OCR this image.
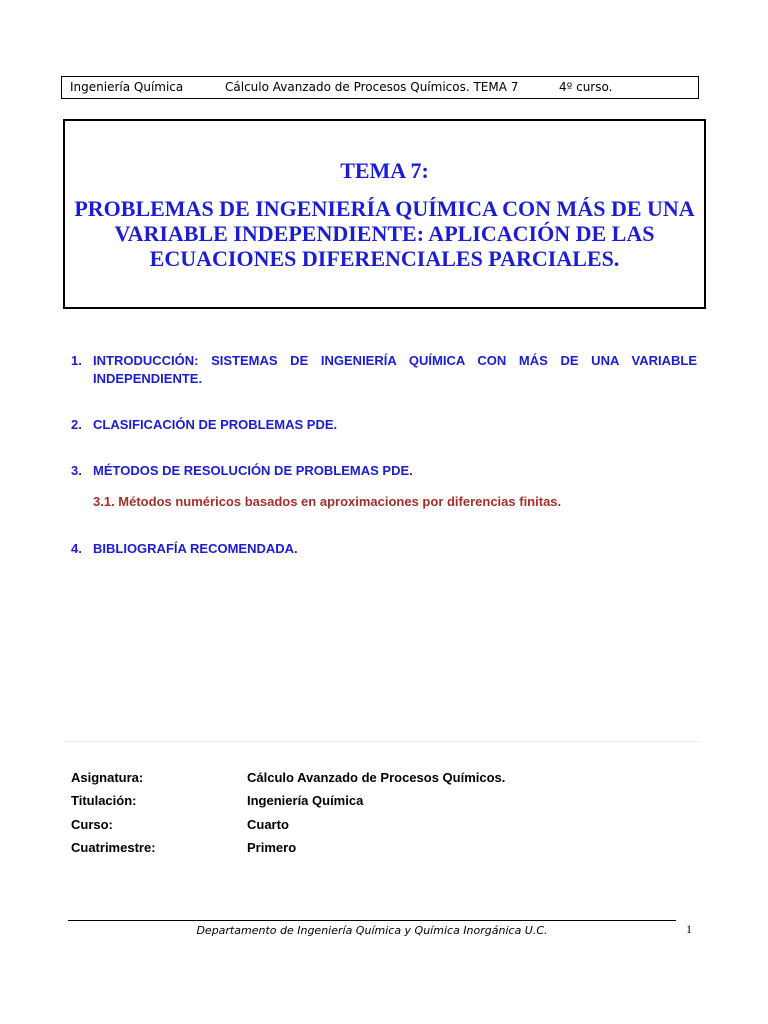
Ingeniería Química	Cálculo Avanzado de Procesos Químicos. TEMA 7	4º curso.
TEMA 7:
PROBLEMAS DE INGENIERÍA QUÍMICA CON MÁS DE UNA VARIABLE INDEPENDIENTE: APLICACIÓN DE LAS ECUACIONES DIFERENCIALES PARCIALES.
1. INTRODUCCIÓN: SISTEMAS DE INGENIERÍA QUÍMICA CON MÁS DE UNA VARIABLE INDEPENDIENTE.
2. CLASIFICACIÓN DE PROBLEMAS PDE.
3. MÉTODOS DE RESOLUCIÓN DE PROBLEMAS PDE.
3.1. Métodos numéricos basados en aproximaciones por diferencias finitas.
4. BIBLIOGRAFÍA RECOMENDADA.
Asignatura:	Cálculo Avanzado de Procesos Químicos.
Titulación:	Ingeniería Química
Curso:	Cuarto
Cuatrimestre:	Primero
Departamento de Ingeniería Química y Química Inorgánica U.C.	1
